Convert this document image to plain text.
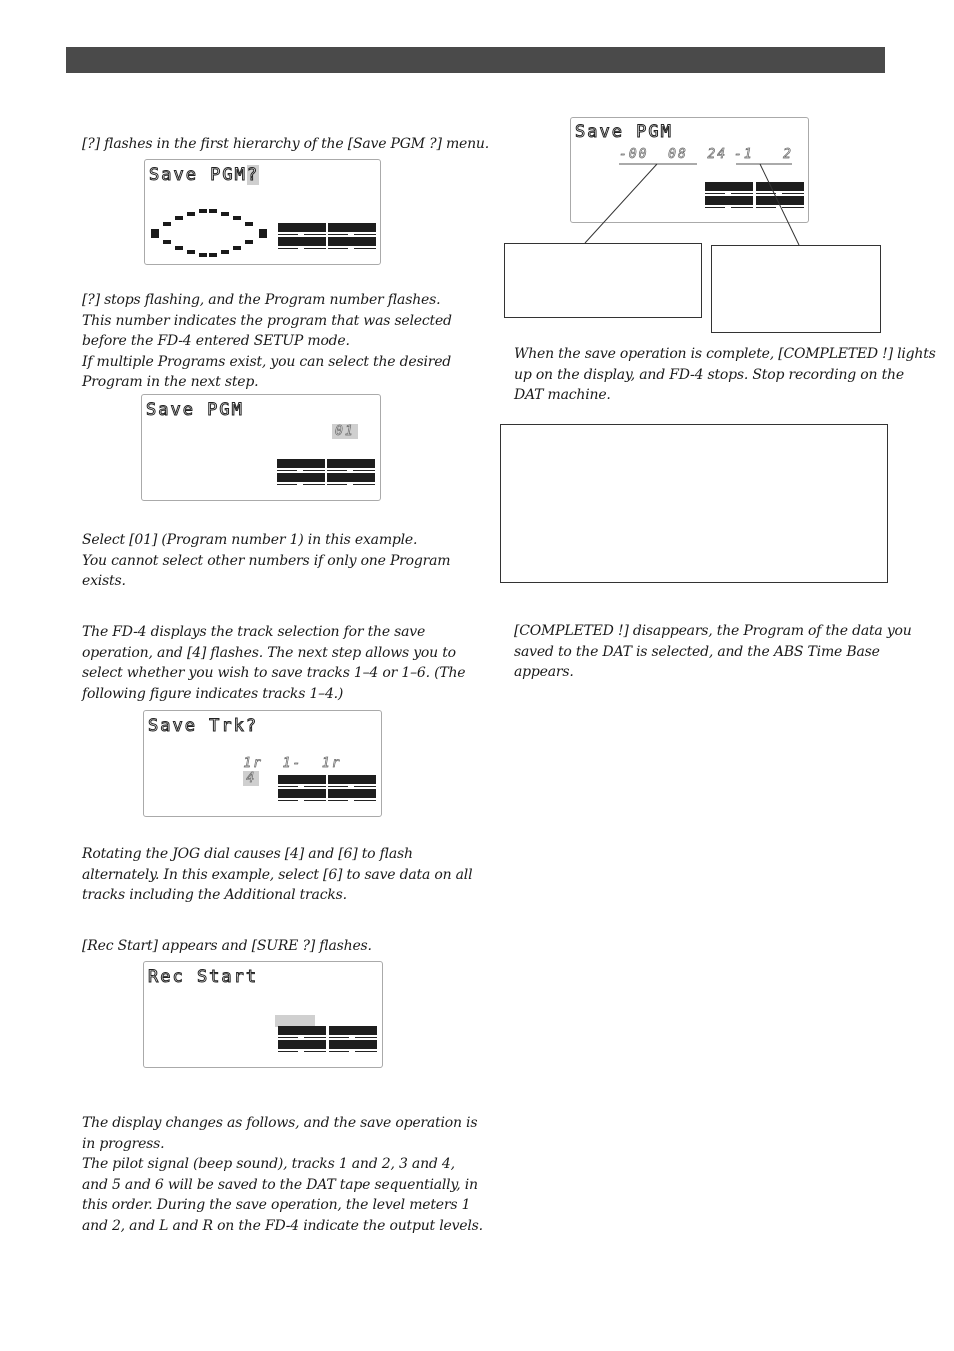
[?] flashes in the first hierarchy of the [Save PGM ?] menu.
Save PGM?
[?] stops flashing, and the Program number flashes.
This number indicates the program that was selected
before the FD-4 entered SETUP mode.
If multiple Programs exist, you can select the desired
Program in the next step.
Save PGM
01
Select [01] (Program number 1) in this example.
You cannot select other numbers if only one Program
exists.
The FD-4 displays the track selection for the save
operation, and [4] flashes. The next step allows you to
select whether you wish to save tracks 1–4 or 1–6. (The
following figure indicates tracks 1–4.)
Save Trk?

1r  1-  1r
4

Rotating the JOG dial causes [4] and [6] to flash
alternately. In this example, select [6] to save data on all
tracks including the Additional tracks.
[Rec Start] appears and [SURE ?] flashes.
Rec Start
The display changes as follows, and the save operation is
in progress.
The pilot signal (beep sound), tracks 1 and 2, 3 and 4,
and 5 and 6 will be saved to the DAT tape sequentially, in
this order. During the save operation, the level meters 1
and 2, and L and R on the FD-4 indicate the output levels.
Save PGM
-00  08  24 -1   2
When the save operation is complete, [COMPLETED !] lights
up on the display, and FD-4 stops. Stop recording on the
DAT machine.
[COMPLETED !] disappears, the Program of the data you
saved to the DAT is selected, and the ABS Time Base
appears.
